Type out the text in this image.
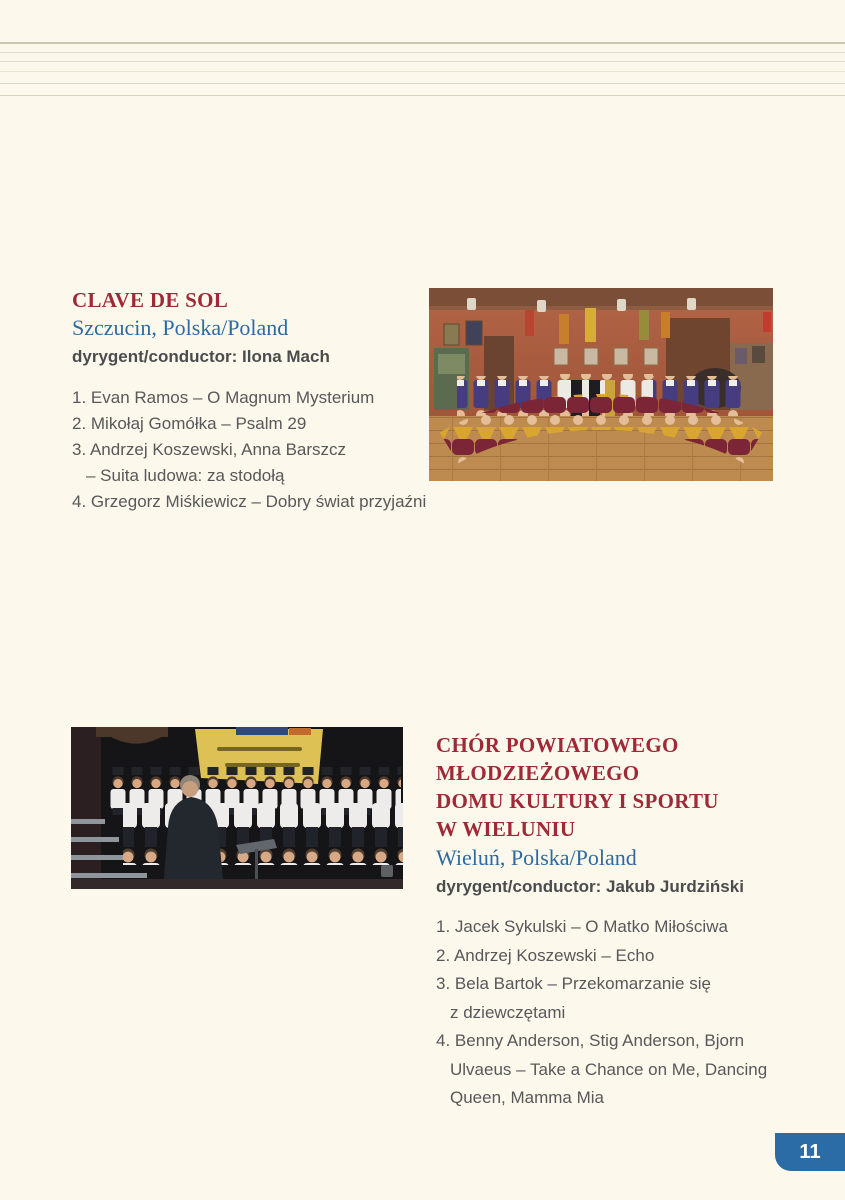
CLAVE DE SOL
Szczucin, Polska/Poland
dyrygent/conductor: Ilona Mach
1. Evan Ramos – O Magnum Mysterium
2. Mikołaj Gomółka – Psalm 29
3. Andrzej Koszewski, Anna Barszcz
– Suita ludowa: za stodołą
4. Grzegorz Miśkiewicz – Dobry świat przyjaźni
CHÓR POWIATOWEGO
MŁODZIEŻOWEGO
DOMU KULTURY I SPORTU
W WIELUNIU
Wieluń, Polska/Poland
dyrygent/conductor: Jakub Jurdziński
1. Jacek Sykulski – O Matko Miłościwa
2. Andrzej Koszewski – Echo
3. Bela Bartok – Przekomarzanie się
z dziewczętami
4. Benny Anderson, Stig Anderson, Bjorn
Ulvaeus – Take a Chance on Me, Dancing
Queen, Mamma Mia
11
